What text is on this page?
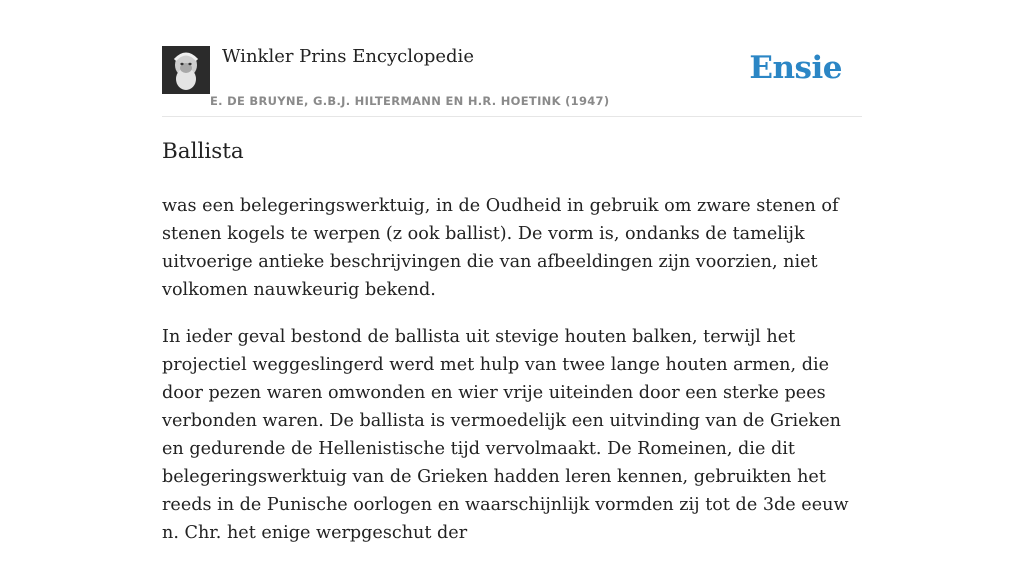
Winkler Prins Encyclopedie
E. DE BRUYNE, G.B.J. HILTERMANN EN H.R. HOETINK (1947)
Ensie
Ballista

was een belegeringswerktuig, in de Oudheid in gebruik om zware stenen of stenen kogels te werpen (z ook ballist). De vorm is, ondanks de tamelijk uitvoerige antieke beschrijvingen die van afbeeldingen zijn voorzien, niet volkomen nauwkeurig bekend.

In ieder geval bestond de ballista uit stevige houten balken, terwijl het projectiel weggeslingerd werd met hulp van twee lange houten armen, die door pezen waren omwonden en wier vrije uiteinden door een sterke pees verbonden waren. De ballista is vermoedelijk een uitvinding van de Grieken en gedurende de Hellenistische tijd vervolmaakt. De Romeinen, die dit belegeringswerktuig van de Grieken hadden leren kennen, gebruikten het reeds in de Punische oorlogen en waarschijnlijk vormden zij tot de 3de eeuw n. Chr. het enige werpgeschut der
